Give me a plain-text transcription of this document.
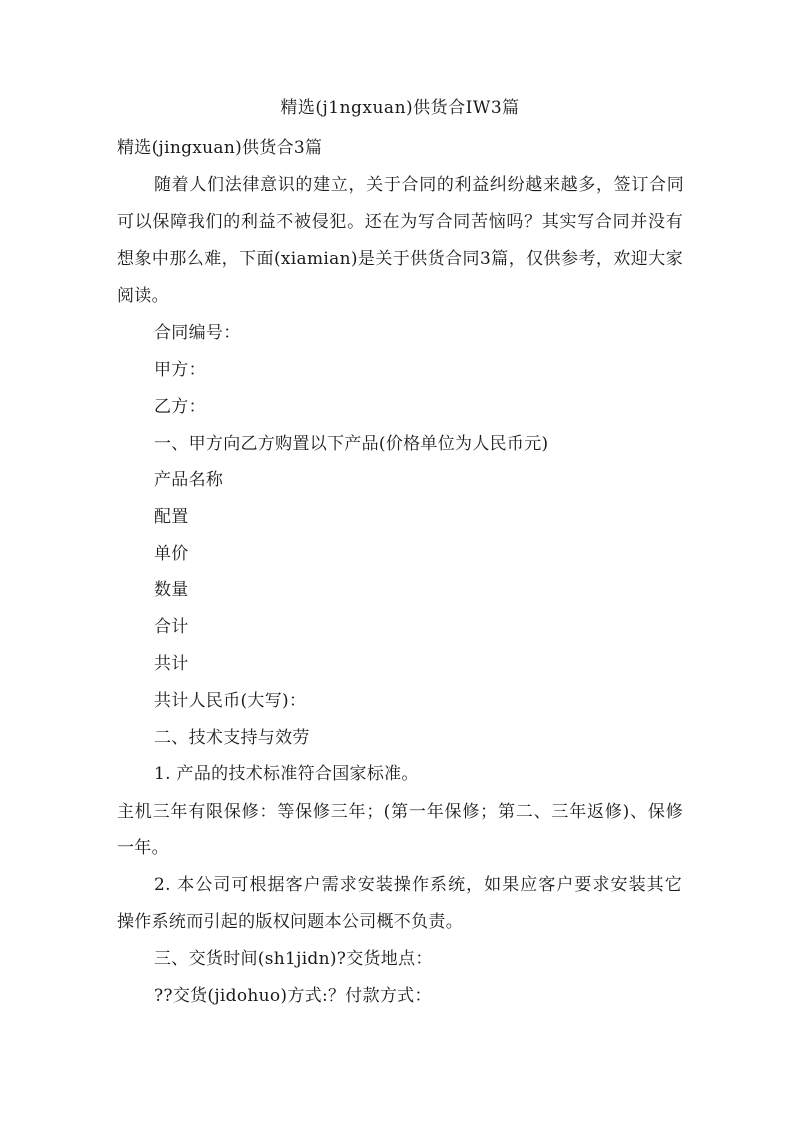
精选(j1ngxuan)供货合IW3篇
精选(jingxuan)供货合3篇
随着人们法律意识的建立，关于合同的利益纠纷越来越多，签订合同
可以保障我们的利益不被侵犯。还在为写合同苦恼吗？其实写合同并没有
想象中那么难，下面(xiamian)是关于供货合同3篇，仅供参考，欢迎大家
阅读。
合同编号：
甲方：
乙方：
一、甲方向乙方购置以下产品(价格单位为人民币元)
产品名称
配置
单价
数量
合计
共计
共计人民币(大写)：
二、技术支持与效劳
1. 产品的技术标准符合国家标准。
主机三年有限保修：等保修三年；(第一年保修；第二、三年返修)、保修
一年。
2. 本公司可根据客户需求安装操作系统，如果应客户要求安装其它
操作系统而引起的版权问题本公司概不负责。
三、交货时间(sh1jidn)?交货地点：
??交货(jidohuo)方式:？付款方式：
